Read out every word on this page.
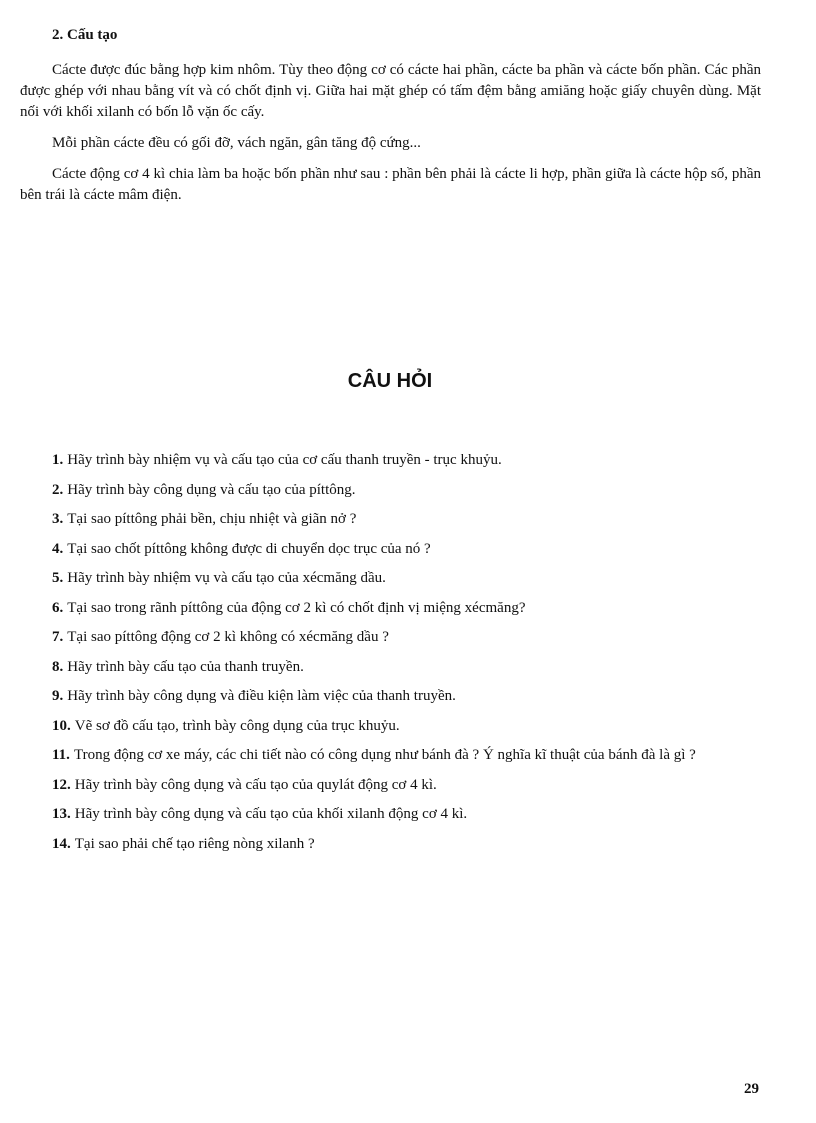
2. Cấu tạo

Cácte được đúc bằng hợp kim nhôm. Tùy theo động cơ có cácte hai phần, cácte ba phần và cácte bốn phần. Các phần được ghép với nhau bằng vít và có chốt định vị. Giữa hai mặt ghép có tấm đệm bằng amiăng hoặc giấy chuyên dùng. Mặt nối với khối xilanh có bốn lỗ vặn ốc cấy.

Mỗi phần cácte đều có gối đỡ, vách ngăn, gân tăng độ cứng...

Cácte động cơ 4 kì chia làm ba hoặc bốn phần như sau : phần bên phải là cácte li hợp, phần giữa là cácte hộp số, phần bên trái là cácte mâm điện.

CÂU HỎI
1. Hãy trình bày nhiệm vụ và cấu tạo của cơ cấu thanh truyền - trục khuỷu.
2. Hãy trình bày công dụng và cấu tạo của píttông.
3. Tại sao píttông phải bền, chịu nhiệt và giãn nở ?
4. Tại sao chốt píttông không được di chuyển dọc trục của nó ?
5. Hãy trình bày nhiệm vụ và cấu tạo của xécmăng dầu.
6. Tại sao trong rãnh píttông của động cơ 2 kì có chốt định vị miệng xécmăng?
7. Tại sao píttông động cơ 2 kì không có xécmăng dầu ?
8. Hãy trình bày cấu tạo của thanh truyền.
9. Hãy trình bày công dụng và điều kiện làm việc của thanh truyền.
10. Vẽ sơ đồ cấu tạo, trình bày công dụng của trục khuỷu.
11. Trong động cơ xe máy, các chi tiết nào có công dụng như bánh đà ? Ý nghĩa kĩ thuật của bánh đà là gì ?
12. Hãy trình bày công dụng và cấu tạo của quylát động cơ 4 kì.
13. Hãy trình bày công dụng và cấu tạo của khối xilanh động cơ 4 kì.
14. Tại sao phải chế tạo riêng nòng xilanh ?
29
